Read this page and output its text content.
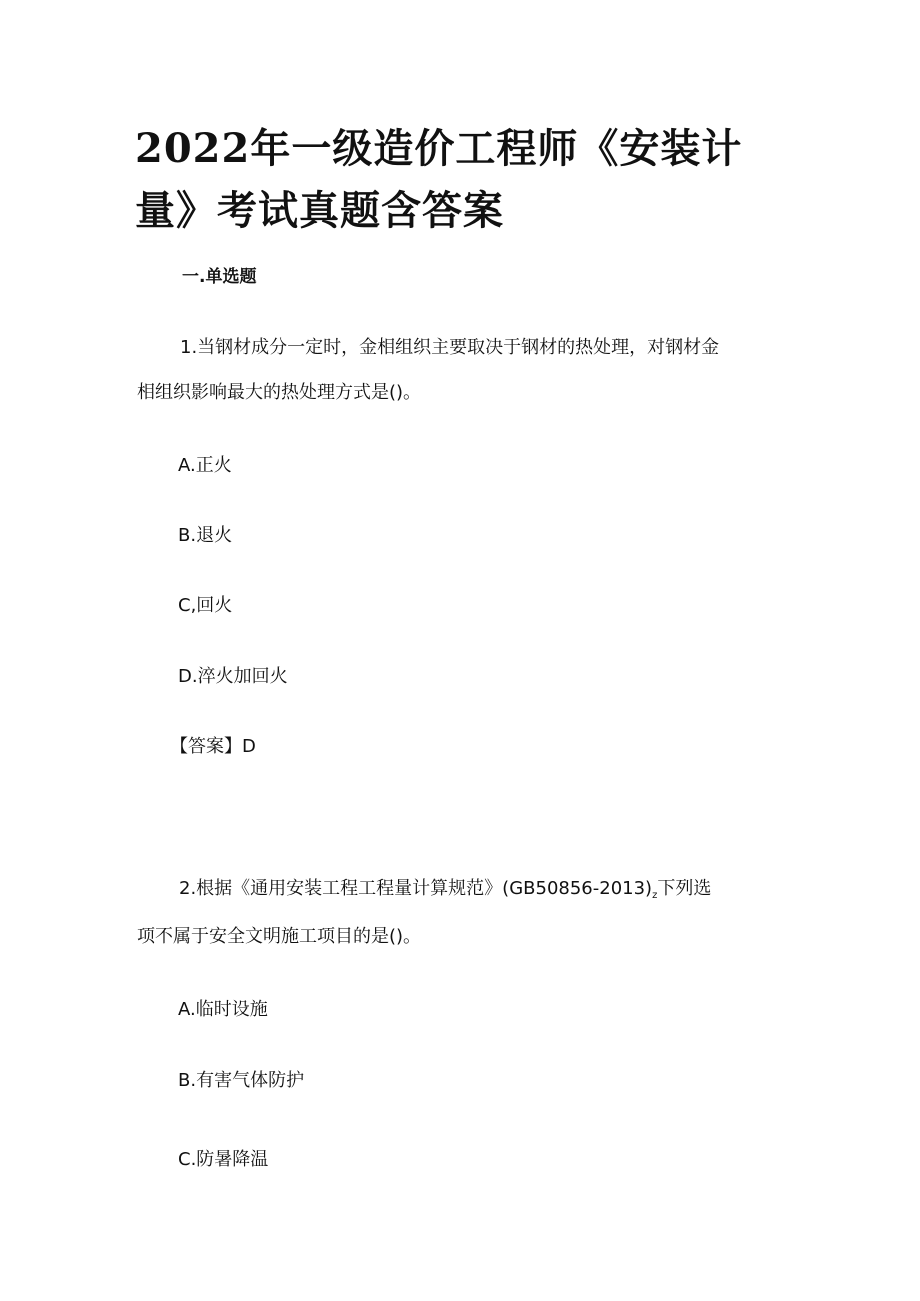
2022年一级造价工程师《安装计
量》考试真题含答案

一.单选题

1.当钢材成分一定时，金相组织主要取决于钢材的热处理，对钢材金

相组织影响最大的热处理方式是()。

A.正火

B.退火

C,回火

D.淬火加回火

【答案】D

2.根据《通用安装工程工程量计算规范》$(GB50856-2013)_z$下列选

项不属于安全文明施工项目的是()。

A.临时设施

B.有害气体防护

C.防暑降温
